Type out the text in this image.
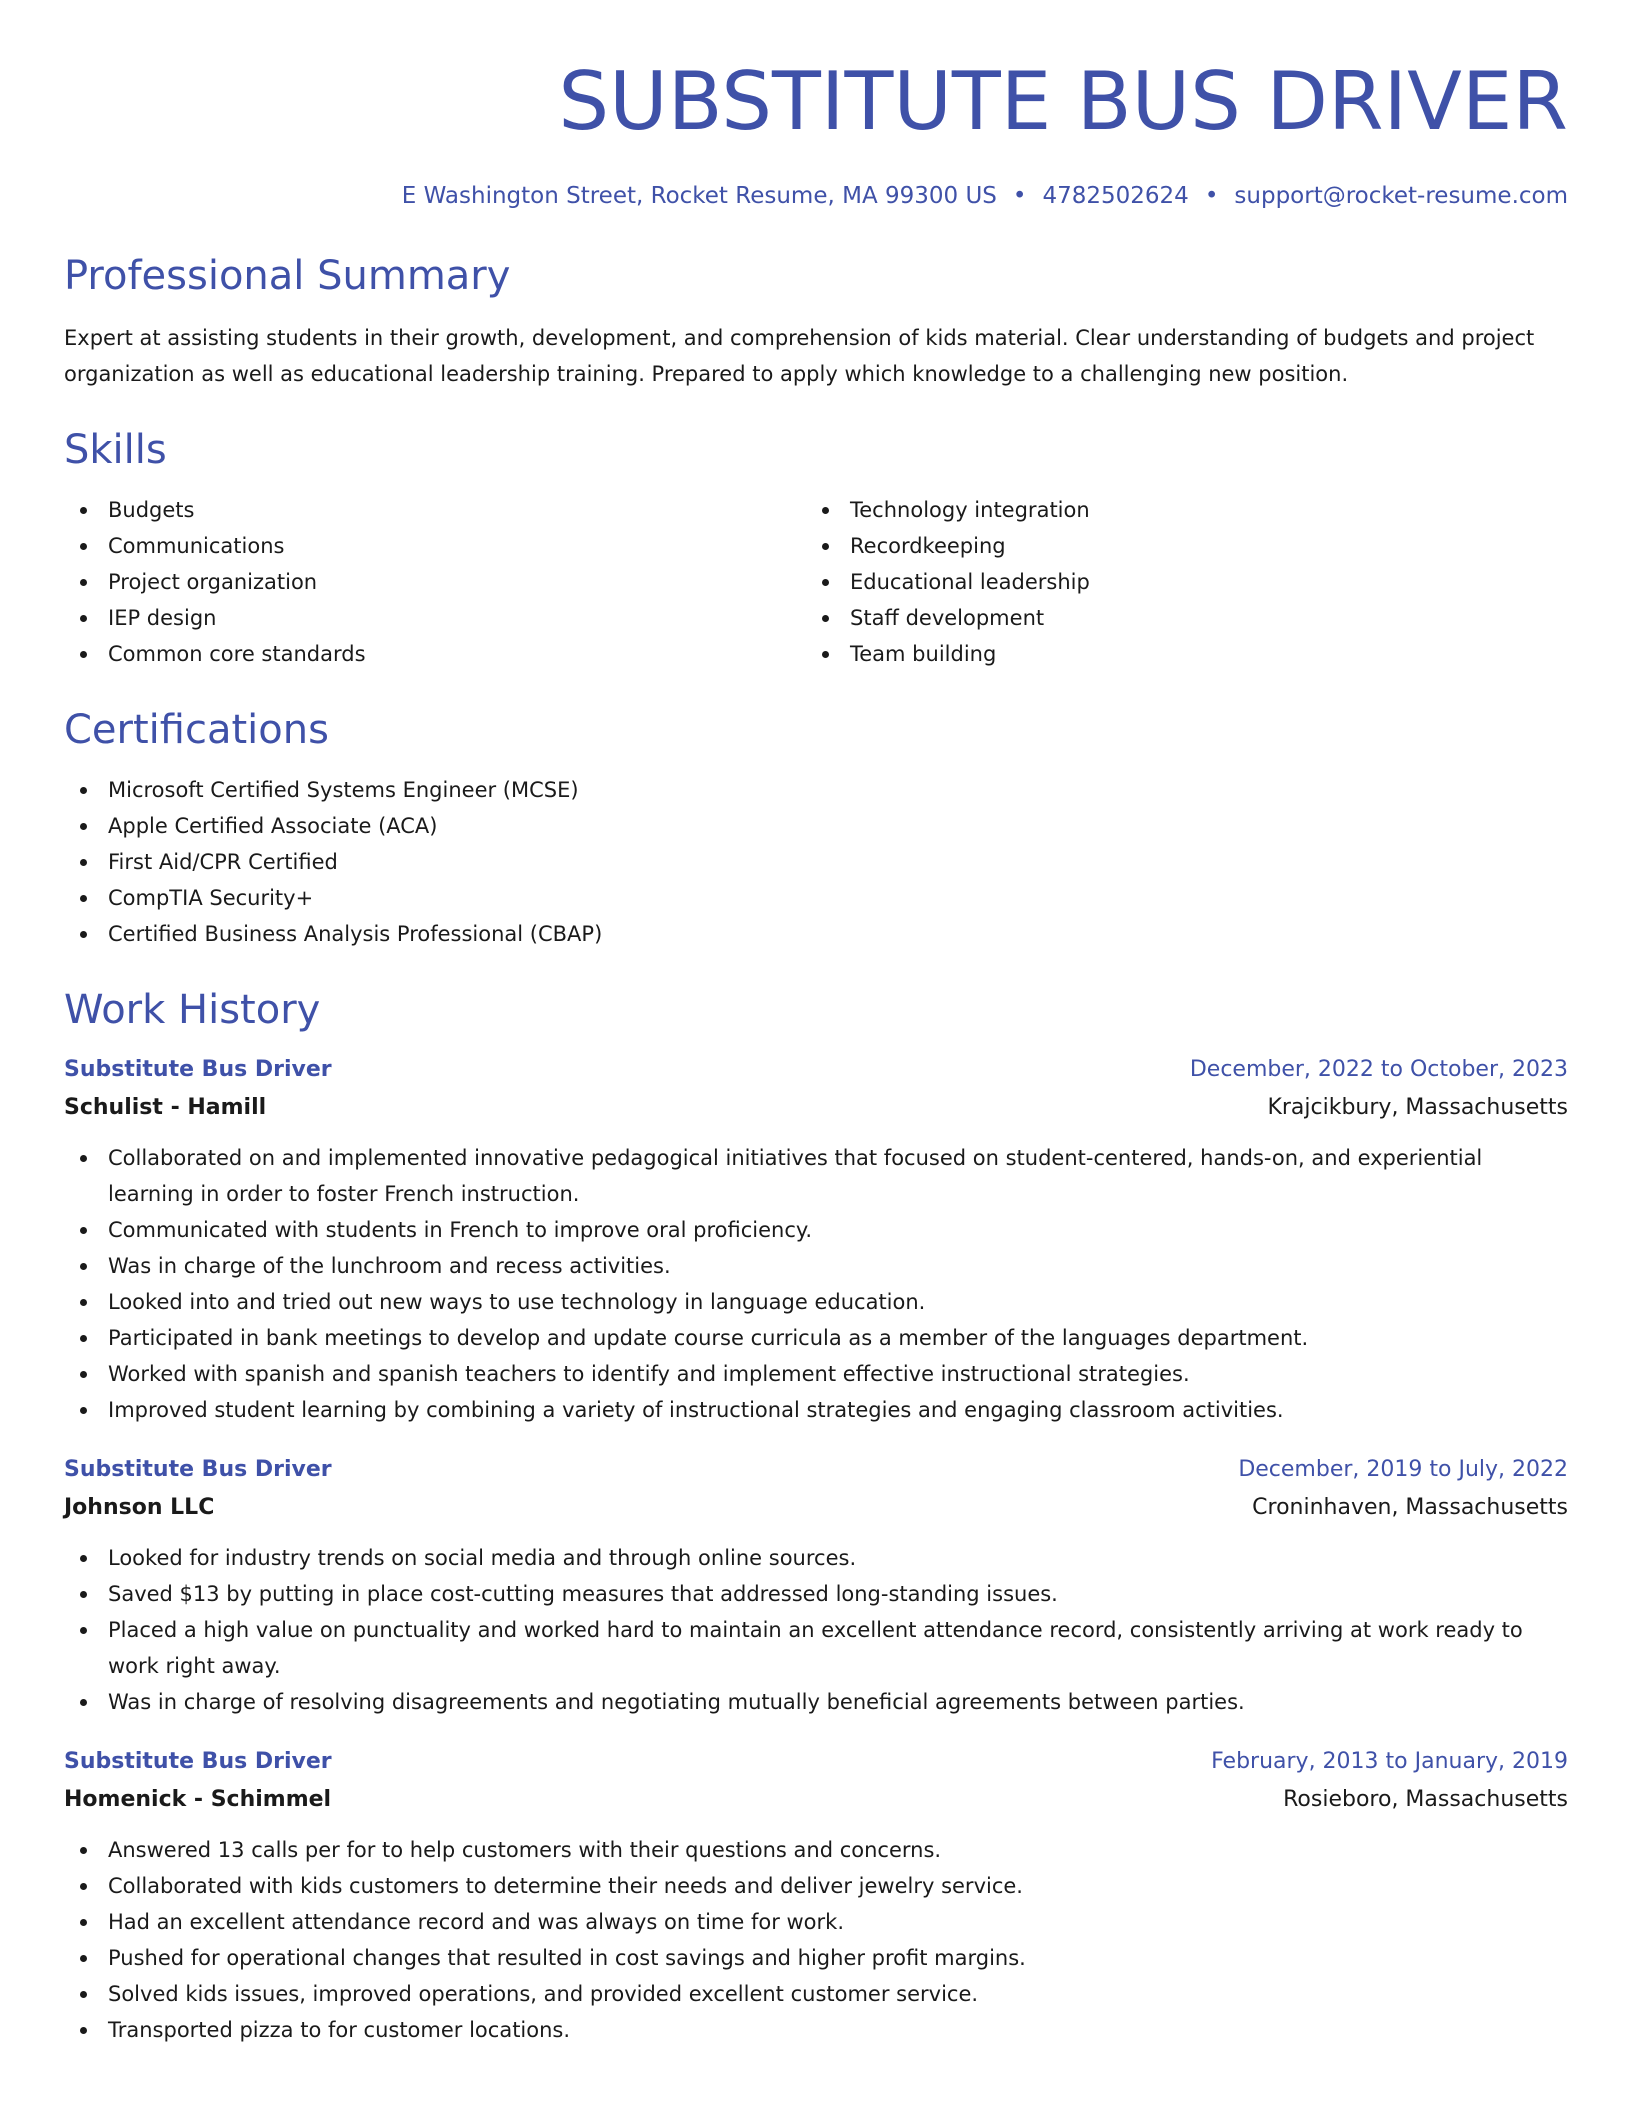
SUBSTITUTE BUS DRIVER
E Washington Street, Rocket Resume, MA 99300 US • 4782502624 • support@rocket-resume.com
Professional Summary

Expert at assisting students in their growth, development, and comprehension of kids material. Clear understanding of budgets and project organization as well as educational leadership training. Prepared to apply which knowledge to a challenging new position.

Skills
Budgets
Communications
Project organization
IEP design
Common core standards
Technology integration
Recordkeeping
Educational leadership
Staff development
Team building
Certifications
Microsoft Certified Systems Engineer (MCSE)
Apple Certified Associate (ACA)
First Aid/CPR Certified
CompTIA Security+
Certified Business Analysis Professional (CBAP)
Work History
Substitute Bus Driver	December, 2022 to October, 2023
Schulist - Hamill	Krajcikbury, Massachusetts
Collaborated on and implemented innovative pedagogical initiatives that focused on student-centered, hands-on, and experiential learning in order to foster French instruction.
Communicated with students in French to improve oral proficiency.
Was in charge of the lunchroom and recess activities.
Looked into and tried out new ways to use technology in language education.
Participated in bank meetings to develop and update course curricula as a member of the languages department.
Worked with spanish and spanish teachers to identify and implement effective instructional strategies.
Improved student learning by combining a variety of instructional strategies and engaging classroom activities.
Substitute Bus Driver	December, 2019 to July, 2022
Johnson LLC	Croninhaven, Massachusetts
Looked for industry trends on social media and through online sources.
Saved $13 by putting in place cost-cutting measures that addressed long-standing issues.
Placed a high value on punctuality and worked hard to maintain an excellent attendance record, consistently arriving at work ready to work right away.
Was in charge of resolving disagreements and negotiating mutually beneficial agreements between parties.
Substitute Bus Driver	February, 2013 to January, 2019
Homenick - Schimmel	Rosieboro, Massachusetts
Answered 13 calls per for to help customers with their questions and concerns.
Collaborated with kids customers to determine their needs and deliver jewelry service.
Had an excellent attendance record and was always on time for work.
Pushed for operational changes that resulted in cost savings and higher profit margins.
Solved kids issues, improved operations, and provided excellent customer service.
Transported pizza to for customer locations.
